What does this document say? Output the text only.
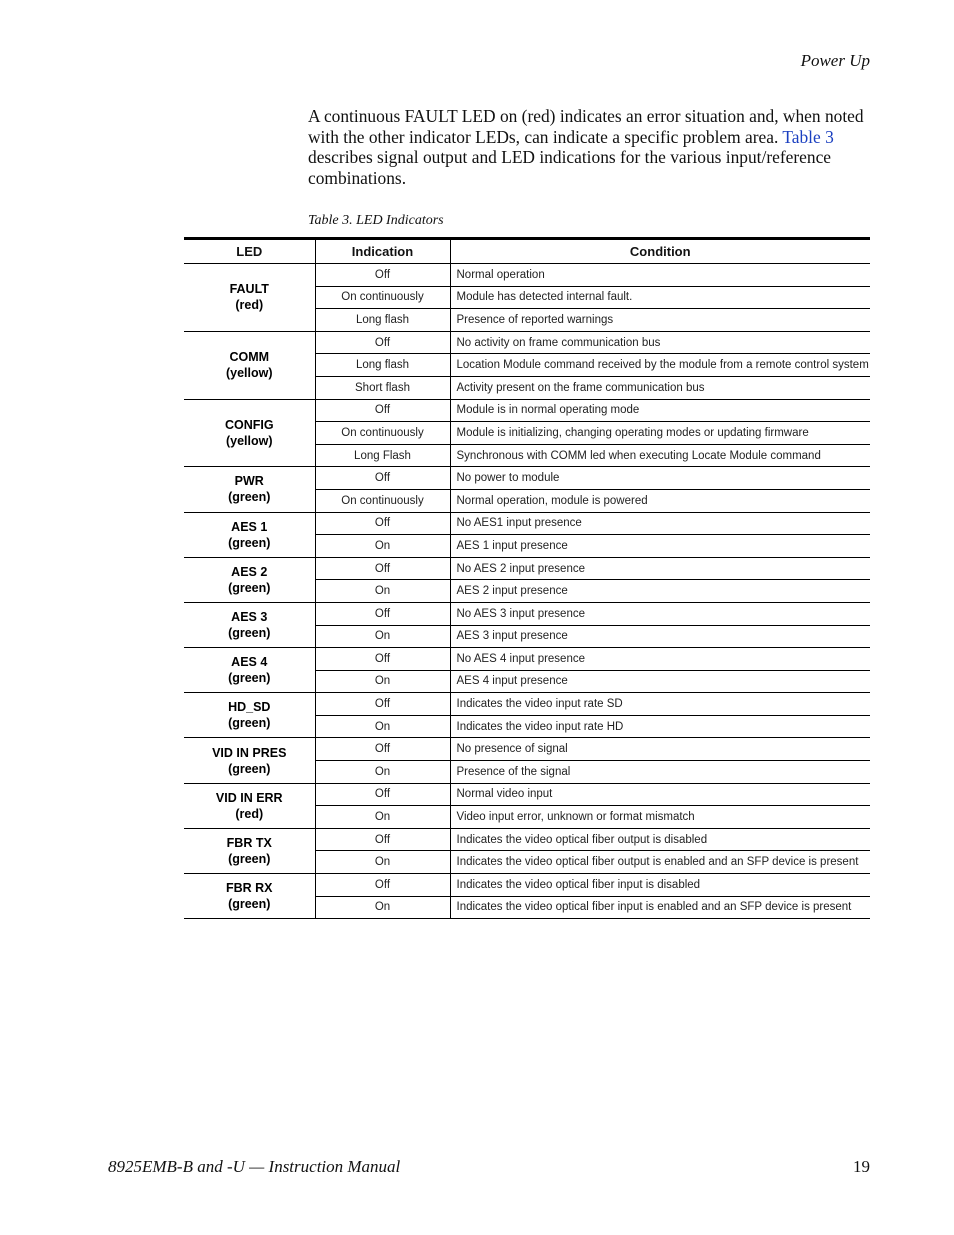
Power Up

A continuous FAULT LED on (red) indicates an error situation and, when noted with the other indicator LEDs, can indicate a specific problem area. Table 3 describes signal output and LED indications for the various input/reference combinations.

Table 3. LED Indicators
LED	Indication	Condition

FAULT
(red)	Off	Normal operation
	On continuously	Module has detected internal fault.
	Long flash	Presence of reported warnings

COMM
(yellow)	Off	No activity on frame communication bus
	Long flash	Location Module command received by the module from a remote control system
	Short flash	Activity present on the frame communication bus

CONFIG
(yellow)	Off	Module is in normal operating mode
	On continuously	Module is initializing, changing operating modes or updating firmware
	Long Flash	Synchronous with COMM led when executing Locate Module command

PWR
(green)	Off	No power to module
	On continuously	Normal operation, module is powered

AES 1
(green)	Off	No AES1 input presence
	On	AES 1 input presence

AES 2
(green)	Off	No AES 2 input presence
	On	AES 2 input presence

AES 3
(green)	Off	No AES 3 input presence
	On	AES 3 input presence

AES 4
(green)	Off	No AES 4 input presence
	On	AES 4 input presence

HD_SD
(green)	Off	Indicates the video input rate SD
	On	Indicates the video input rate HD

VID IN PRES
(green)	Off	No presence of signal
	On	Presence of the signal

VID IN ERR
(red)	Off	Normal video input
	On	Video input error, unknown or format mismatch

FBR TX
(green)	Off	Indicates the video optical fiber output is disabled
	On	Indicates the video optical fiber output is enabled and an SFP device is present

FBR RX
(green)	Off	Indicates the video optical fiber input is disabled
	On	Indicates the video optical fiber input is enabled and an SFP device is present
8925EMB-B and -U — Instruction Manual	19
